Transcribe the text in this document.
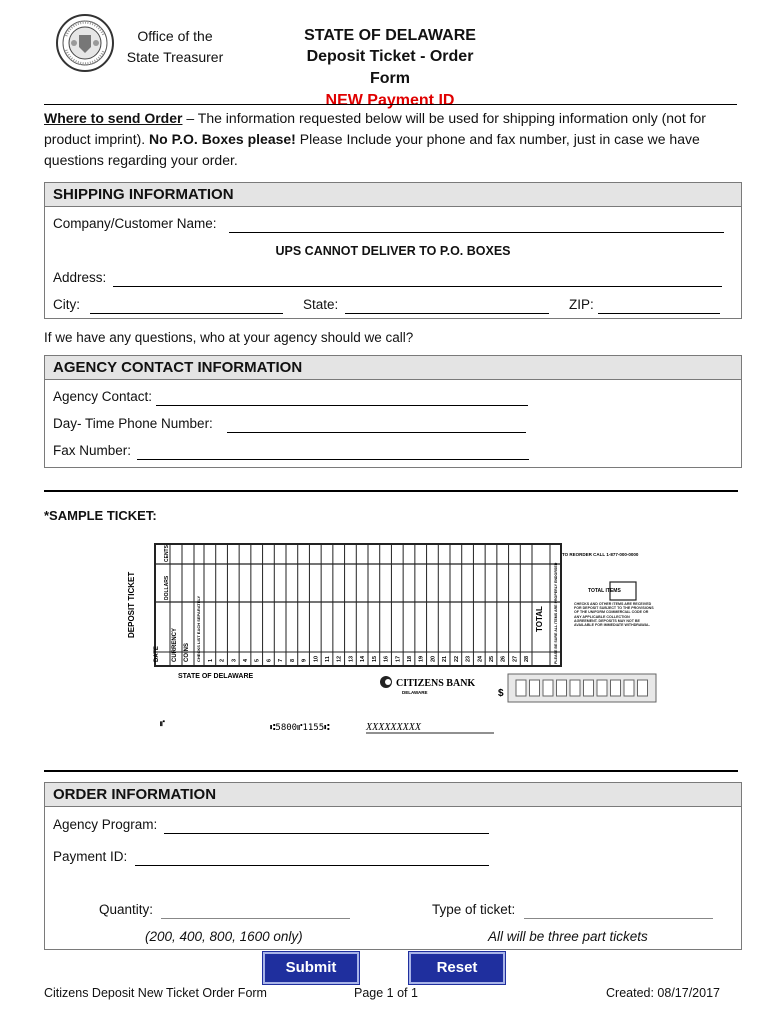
Office of the
State Treasurer
STATE OF DELAWARE
Deposit Ticket - Order Form
NEW Payment ID
Where to send Order – The information requested below will be used for shipping information only (not for product imprint). No P.O. Boxes please! Please Include your phone and fax number, just in case we have questions regarding your order.
SHIPPING INFORMATION
Company/Customer Name:
UPS CANNOT DELIVER TO P.O. BOXES
Address:
City:	State:	ZIP:
If we have any questions, who at your agency should we call?
AGENCY CONTACT INFORMATION
Agency Contact:
Day- Time Phone Number:
Fax Number:
*SAMPLE TICKET:
1 2 3 4 5 6 7 8 9 10 11 12 13 14 15 16 17 18 19 20 21 22 23 24 25 26 27 28
DEPOSIT TICKET
DATE CURRENCY COINS CHECKS LIST EACH SEPARATELY
CENTS
DOLLARS
TOTAL	PLEASE BE SURE ALL ITEMS ARE PROPERLY ENDORSED
TO REORDER CALL 1-877-000-0000
TOTAL ITEMS
CHECKS AND OTHER ITEMS ARE RECEIVED FOR DEPOSIT SUBJECT TO THE PROVISIONS OF THE UNIFORM COMMERCIAL CODE OR ANY APPLICABLE COLLECTION AGREEMENT. DEPOSITS MAY NOT BE AVAILABLE FOR IMMEDIATE WITHDRAWAL.
STATE OF DELAWARE
CITIZENS BANK
DELAWARE	$
⑈	⑆5800⑈1155⑆	XXXXXXXXX
ORDER INFORMATION
Agency Program:
Payment ID:
Quantity:
(200, 400, 800, 1600 only)
Type of ticket:
All will be three part tickets
Submit	Reset
Citizens Deposit New Ticket Order Form	Page 1 of 1	Created: 08/17/2017
